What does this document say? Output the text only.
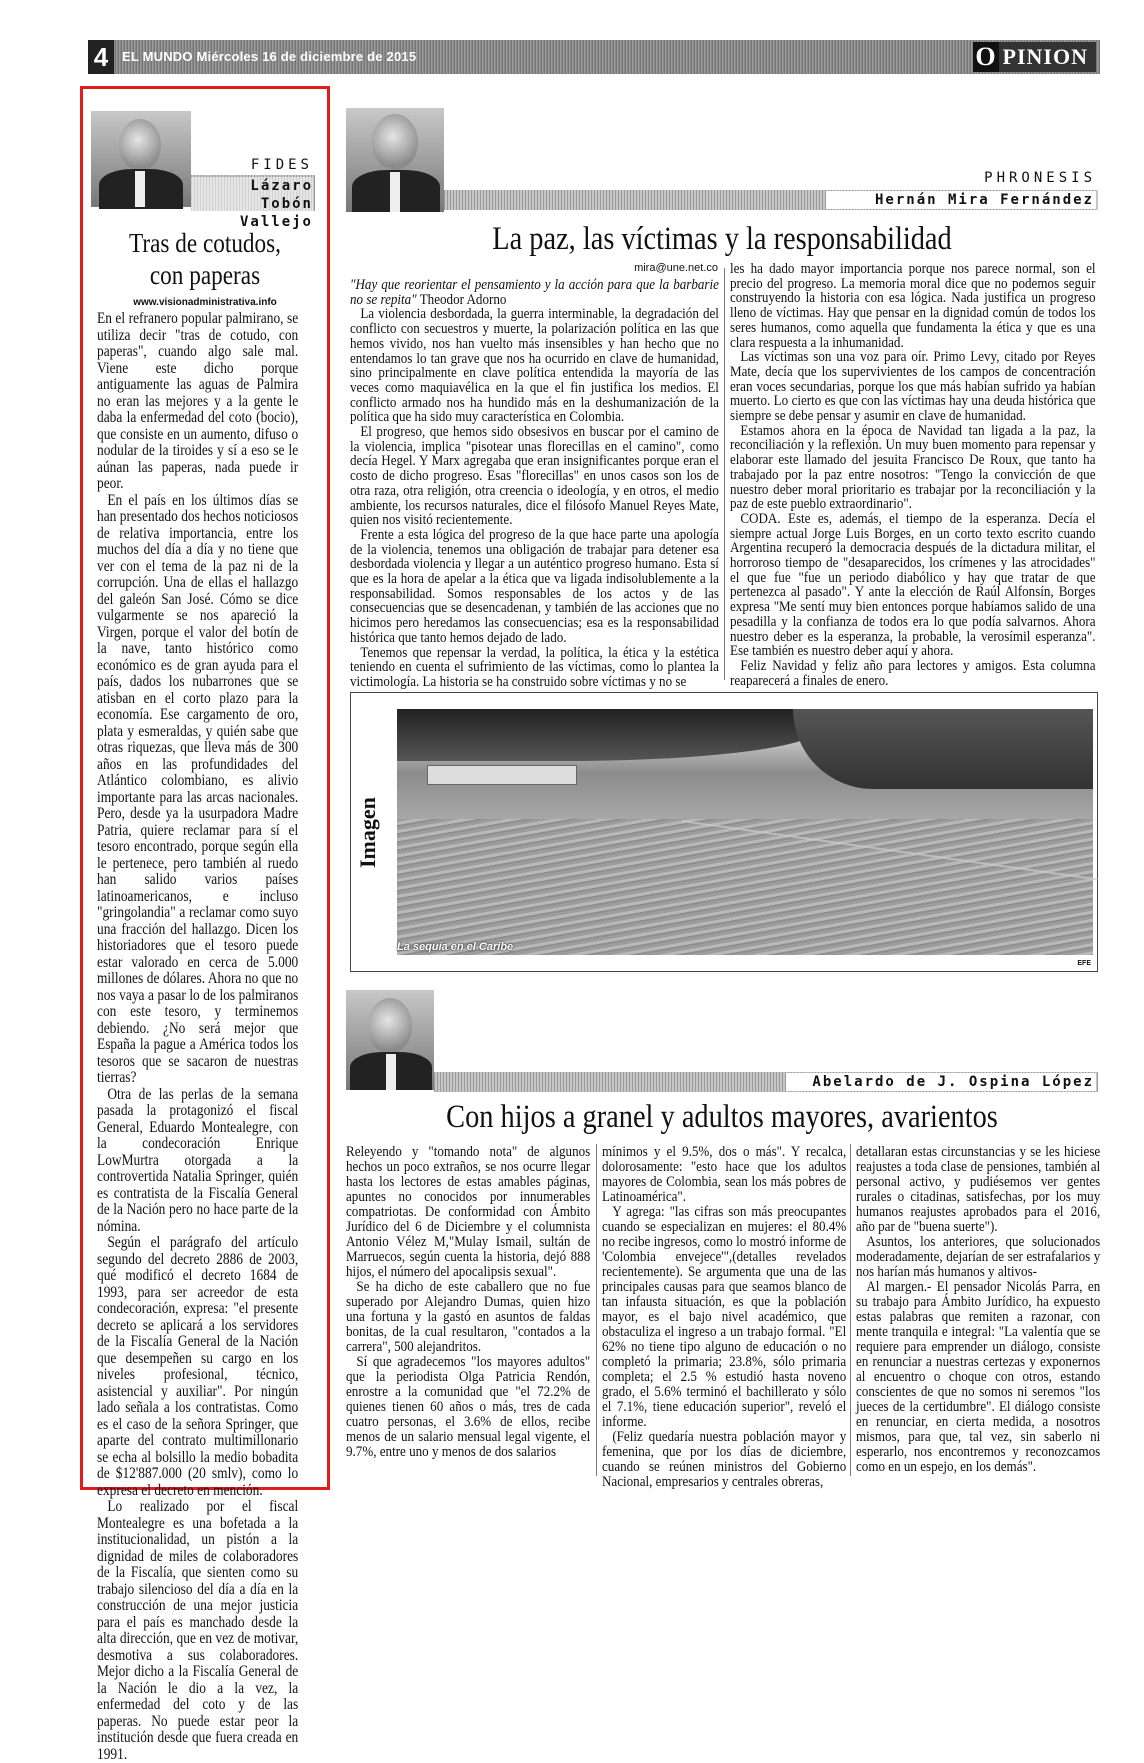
4	EL MUNDO Miércoles 16 de diciembre de 2015	O PINION
FIDES
Lázaro Tobón
Vallejo
Tras de cotudos,
con paperas
www.visionadministrativa.info

En el refranero popular palmirano, se utiliza decir "tras de cotudo, con paperas", cuando algo sale mal. Viene este dicho porque antiguamente las aguas de Palmira no eran las mejores y a la gente le daba la enfermedad del coto (bocio), que consiste en un aumento, difuso o nodular de la tiroides y sí a eso se le aúnan las paperas, nada puede ir peor.

En el país en los últimos días se han presentado dos hechos noticiosos de relativa importancia, entre los muchos del día a día y no tiene que ver con el tema de la paz ni de la corrupción. Una de ellas el hallazgo del galeón San José. Cómo se dice vulgarmente se nos apareció la Virgen, porque el valor del botín de la nave, tanto histórico como económico es de gran ayuda para el país, dados los nubarrones que se atisban en el corto plazo para la economía. Ese cargamento de oro, plata y esmeraldas, y quién sabe que otras riquezas, que lleva más de 300 años en las profundidades del Atlántico colombiano, es alivio importante para las arcas nacionales. Pero, desde ya la usurpadora Madre Patria, quiere reclamar para sí el tesoro encontrado, porque según ella le pertenece, pero también al ruedo han salido varios países latinoamericanos, e incluso "gringolandia" a reclamar como suyo una fracción del hallazgo. Dicen los historiadores que el tesoro puede estar valorado en cerca de 5.000 millones de dólares. Ahora no que no nos vaya a pasar lo de los palmiranos con este tesoro, y terminemos debiendo. ¿No será mejor que España la pague a América todos los tesoros que se sacaron de nuestras tierras?

Otra de las perlas de la semana pasada la protagonizó el fiscal General, Eduardo Montealegre, con la condecoración Enrique LowMurtra otorgada a la controvertida Natalia Springer, quién es contratista de la Fiscalía General de la Nación pero no hace parte de la nómina.

Según el parágrafo del artículo segundo del decreto 2886 de 2003, qué modificó el decreto 1684 de 1993, para ser acreedor de esta condecoración, expresa: "el presente decreto se aplicará a los servidores de la Fiscalía General de la Nación que desempeñen su cargo en los niveles profesional, técnico, asistencial y auxiliar". Por ningún lado señala a los contratistas. Como es el caso de la señora Springer, que aparte del contrato multimillonario se echa al bolsillo la medio bobadita de $12'887.000 (20 smlv), como lo expresa el decreto en mención.

Lo realizado por el fiscal Montealegre es una bofetada a la institucionalidad, un pistón a la dignidad de miles de colaboradores de la Fiscalía, que sienten como su trabajo silencioso del día a día en la construcción de una mejor justicia para el país es manchado desde la alta dirección, que en vez de motivar, desmotiva a sus colaboradores. Mejor dicho a la Fiscalía General de la Nación le dio a la vez, la enfermedad del coto y de las paperas. No puede estar peor la institución desde que fuera creada en 1991.

PHRONESIS
Hernán Mira Fernández
La paz, las víctimas y la responsabilidad
mira@une.net.co

"Hay que reorientar el pensamiento y la acción para que la barbarie no se repita" Theodor Adorno

La violencia desbordada, la guerra interminable, la degradación del conflicto con secuestros y muerte, la polarización política en las que hemos vivido, nos han vuelto más insensibles y han hecho que no entendamos lo tan grave que nos ha ocurrido en clave de humanidad, sino principalmente en clave política entendida la mayoría de las veces como maquiavélica en la que el fin justifica los medios. El conflicto armado nos ha hundido más en la deshumanización de la política que ha sido muy característica en Colombia.

El progreso, que hemos sido obsesivos en buscar por el camino de la violencia, implica "pisotear unas florecillas en el camino", como decía Hegel. Y Marx agregaba que eran insignificantes porque eran el costo de dicho progreso. Esas "florecillas" en unos casos son los de otra raza, otra religión, otra creencia o ideología, y en otros, el medio ambiente, los recursos naturales, dice el filósofo Manuel Reyes Mate, quien nos visitó recientemente.

Frente a esta lógica del progreso de la que hace parte una apología de la violencia, tenemos una obligación de trabajar para detener esa desbordada violencia y llegar a un auténtico progreso humano. Esta sí que es la hora de apelar a la ética que va ligada indisolublemente a la responsabilidad. Somos responsables de los actos y de las consecuencias que se desencadenan, y también de las acciones que no hicimos pero heredamos las consecuencias; esa es la responsabilidad histórica que tanto hemos dejado de lado.

Tenemos que repensar la verdad, la política, la ética y la estética teniendo en cuenta el sufrimiento de las víctimas, como lo plantea la victimología. La historia se ha construido sobre víctimas y no se

les ha dado mayor importancia porque nos parece normal, son el precio del progreso. La memoria moral dice que no podemos seguir construyendo la historia con esa lógica. Nada justifica un progreso lleno de víctimas. Hay que pensar en la dignidad común de todos los seres humanos, como aquella que fundamenta la ética y que es una clara respuesta a la inhumanidad.

Las víctimas son una voz para oír. Primo Levy, citado por Reyes Mate, decía que los supervivientes de los campos de concentración eran voces secundarias, porque los que más habían sufrido ya habían muerto. Lo cierto es que con las víctimas hay una deuda histórica que siempre se debe pensar y asumir en clave de humanidad.

Estamos ahora en la época de Navidad tan ligada a la paz, la reconciliación y la reflexión. Un muy buen momento para repensar y elaborar este llamado del jesuita Francisco De Roux, que tanto ha trabajado por la paz entre nosotros: "Tengo la convicción de que nuestro deber moral prioritario es trabajar por la reconciliación y la paz de este pueblo extraordinario".

CODA. Este es, además, el tiempo de la esperanza. Decía el siempre actual Jorge Luis Borges, en un corto texto escrito cuando Argentina recuperó la democracia después de la dictadura militar, el horroroso tiempo de "desaparecidos, los crímenes y las atrocidades" el que fue "fue un periodo diabólico y hay que tratar de que pertenezca al pasado". Y ante la elección de Raúl Alfonsín, Borges expresa "Me sentí muy bien entonces porque habíamos salido de una pesadilla y la confianza de todos era lo que podía salvarnos. Ahora nuestro deber es la esperanza, la probable, la verosímil esperanza". Ese también es nuestro deber aquí y ahora.

Feliz Navidad y feliz año para lectores y amigos. Esta columna reaparecerá a finales de enero.

Imagen
La sequía en el Caribe
EFE
Abelardo de J. Ospina López
Con hijos a granel y adultos mayores, avarientos

Releyendo y "tomando nota" de algunos hechos un poco extraños, se nos ocurre llegar hasta los lectores de estas amables páginas, apuntes no conocidos por innumerables compatriotas. De conformidad con Ámbito Jurídico del 6 de Diciembre y el columnista Antonio Vélez M,"Mulay Ismail, sultán de Marruecos, según cuenta la historia, dejó 888 hijos, el número del apocalipsis sexual".

Se ha dicho de este caballero que no fue superado por Alejandro Dumas, quien hizo una fortuna y la gastó en asuntos de faldas bonitas, de la cual resultaron, "contados a la carrera", 500 alejandritos.

Sí que agradecemos "los mayores adultos" que la periodista Olga Patricia Rendón, enrostre a la comunidad que "el 72.2% de quienes tienen 60 años o más, tres de cada cuatro personas, el 3.6% de ellos, recibe menos de un salario mensual legal vigente, el 9.7%, entre uno y menos de dos salarios

mínimos y el 9.5%, dos o más". Y recalca, dolorosamente: "esto hace que los adultos mayores de Colombia, sean los más pobres de Latinoamérica".

Y agrega: "las cifras son más preocupantes cuando se especializan en mujeres: el 80.4% no recibe ingresos, como lo mostró informe de 'Colombia envejece'",(detalles revelados recientemente). Se argumenta que una de las principales causas para que seamos blanco de tan infausta situación, es que la población mayor, es el bajo nivel académico, que obstaculiza el ingreso a un trabajo formal. "El 62% no tiene tipo alguno de educación o no completó la primaria; 23.8%, sólo primaria completa; el 2.5 % estudió hasta noveno grado, el 5.6% terminó el bachillerato y sólo el 7.1%, tiene educación superior", reveló el informe.

(Feliz quedaría nuestra población mayor y femenina, que por los días de diciembre, cuando se reúnen ministros del Gobierno Nacional, empresarios y centrales obreras,

detallaran estas circunstancias y se les hiciese reajustes a toda clase de pensiones, también al personal activo, y pudiésemos ver gentes rurales o citadinas, satisfechas, por los muy humanos reajustes aprobados para el 2016, año par de "buena suerte").

Asuntos, los anteriores, que solucionados moderadamente, dejarían de ser estrafalarios y nos harían más humanos y altivos-

Al margen.- El pensador Nicolás Parra, en su trabajo para Ámbito Jurídico, ha expuesto estas palabras que remiten a razonar, con mente tranquila e integral: "La valentía que se requiere para emprender un diálogo, consiste en renunciar a nuestras certezas y exponernos al encuentro o choque con otros, estando conscientes de que no somos ni seremos "los jueces de la certidumbre". El diálogo consiste en renunciar, en cierta medida, a nosotros mismos, para que, tal vez, sin saberlo ni esperarlo, nos encontremos y reconozcamos como en un espejo, en los demás".
